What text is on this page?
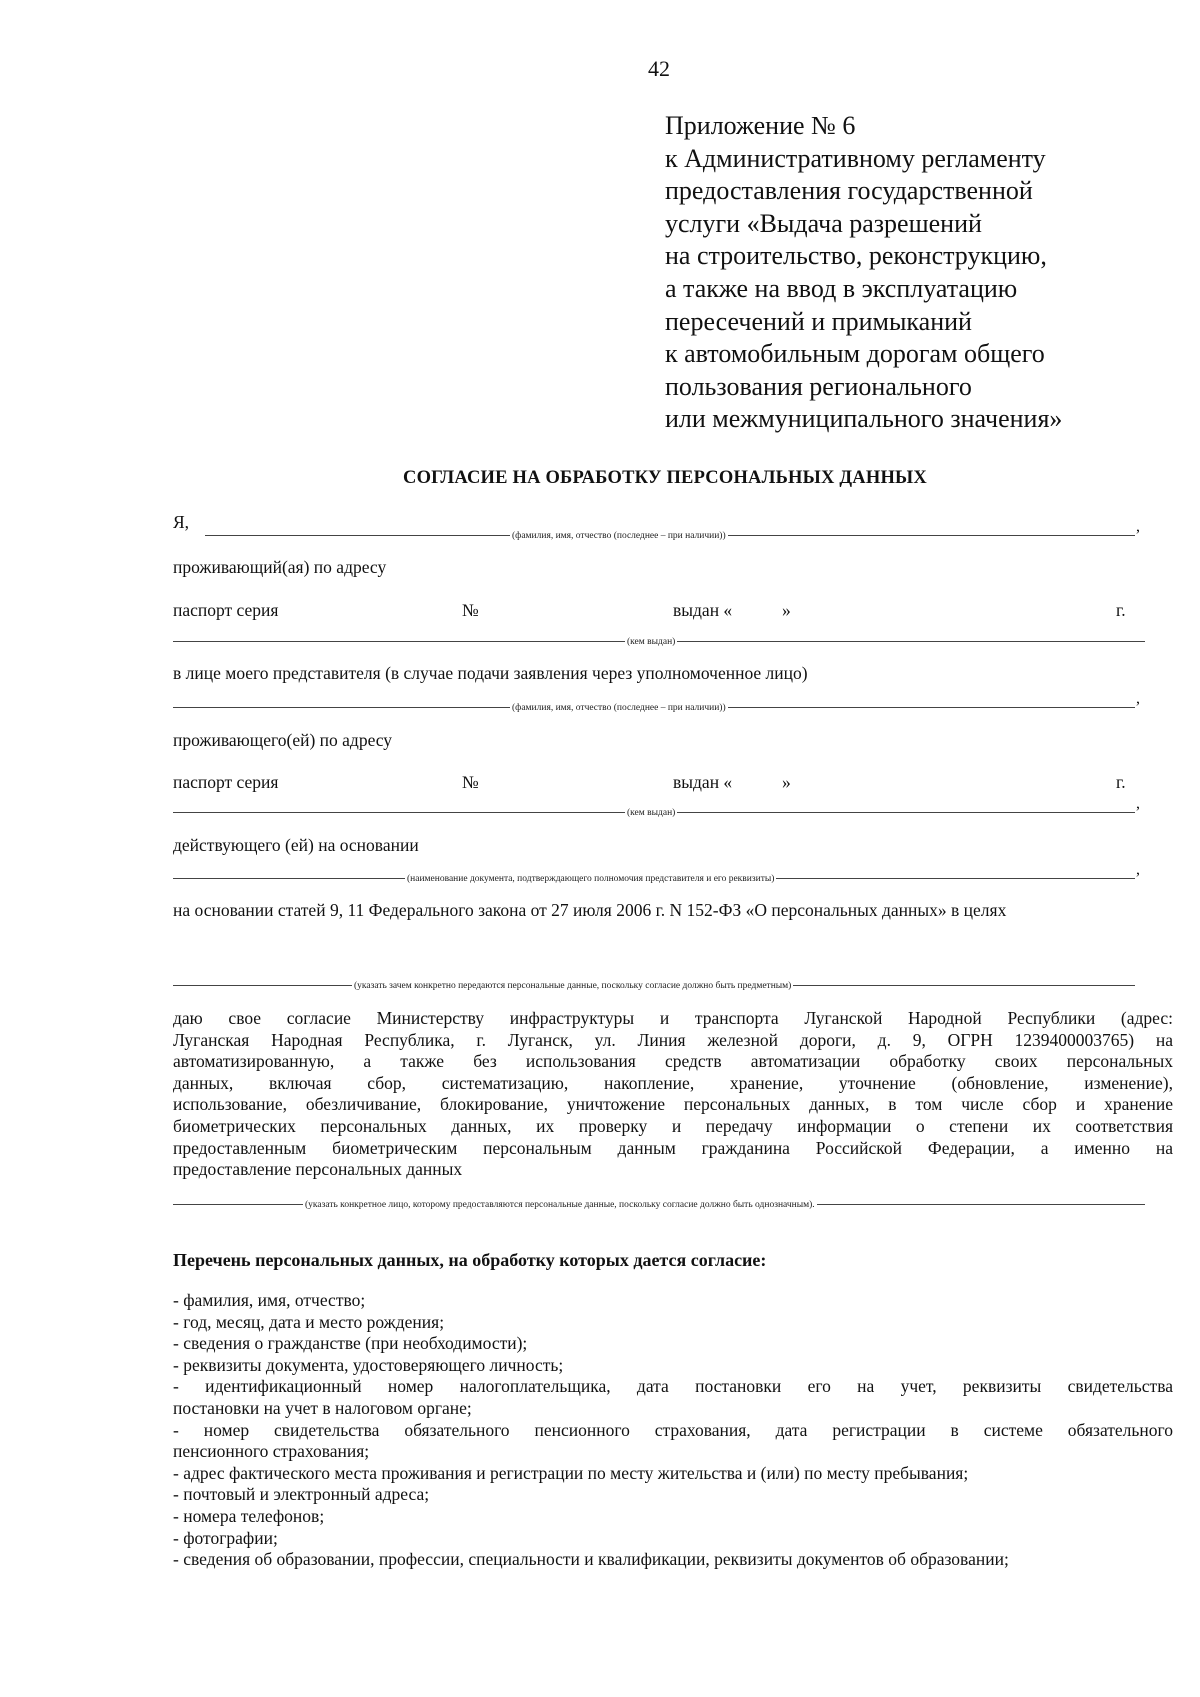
42
Приложение № 6
к Административному регламенту
предоставления государственной
услуги «Выдача разрешений
на строительство, реконструкцию,
а также на ввод в эксплуатацию
пересечений и примыканий
к автомобильным дорогам общего
пользования регионального
или межмуниципального значения»
СОГЛАСИЕ НА ОБРАБОТКУ ПЕРСОНАЛЬНЫХ ДАННЫХ
Я,
(фамилия, имя, отчество (последнее – при наличии))
,
проживающий(ая) по адресу
паспорт серия	№	выдан «	»	г.
(кем выдан)
в лице моего представителя (в случае подачи заявления через уполномоченное лицо)
(фамилия, имя, отчество (последнее – при наличии))
,
проживающего(ей) по адресу
паспорт серия	№	выдан «	»	г.
(кем выдан)
,
действующего (ей) на основании
(наименование документа, подтверждающего полномочия представителя и его реквизиты)
,
на основании статей 9, 11 Федерального закона от 27 июля 2006 г. N 152-ФЗ «О персональных данных» в целях
(указать зачем конкретно передаются персональные данные, поскольку согласие должно быть предметным)
даю свое согласие Министерству инфраструктуры и транспорта Луганской Народной Республики (адрес:
Луганская Народная Республика, г. Луганск, ул. Линия железной дороги, д. 9, ОГРН 1239400003765) на
автоматизированную, а также без использования средств автоматизации обработку своих персональных
данных, включая сбор, систематизацию, накопление, хранение, уточнение (обновление, изменение),
использование, обезличивание, блокирование, уничтожение персональных данных, в том числе сбор и хранение
биометрических персональных данных, их проверку и передачу информации о степени их соответствия
предоставленным биометрическим персональным данным гражданина Российской Федерации, а именно на
предоставление персональных данных
(указать конкретное лицо, которому предоставляются персональные данные, поскольку согласие должно быть однозначным).
Перечень персональных данных, на обработку которых дается согласие:
- фамилия, имя, отчество;
- год, месяц, дата и место рождения;
- сведения о гражданстве (при необходимости);
- реквизиты документа, удостоверяющего личность;
- идентификационный номер налогоплательщика, дата постановки его на учет, реквизиты свидетельства
постановки на учет в налоговом органе;
- номер свидетельства обязательного пенсионного страхования, дата регистрации в системе обязательного
пенсионного страхования;
- адрес фактического места проживания и регистрации по месту жительства и (или) по месту пребывания;
- почтовый и электронный адреса;
- номера телефонов;
- фотографии;
- сведения об образовании, профессии, специальности и квалификации, реквизиты документов об образовании;
